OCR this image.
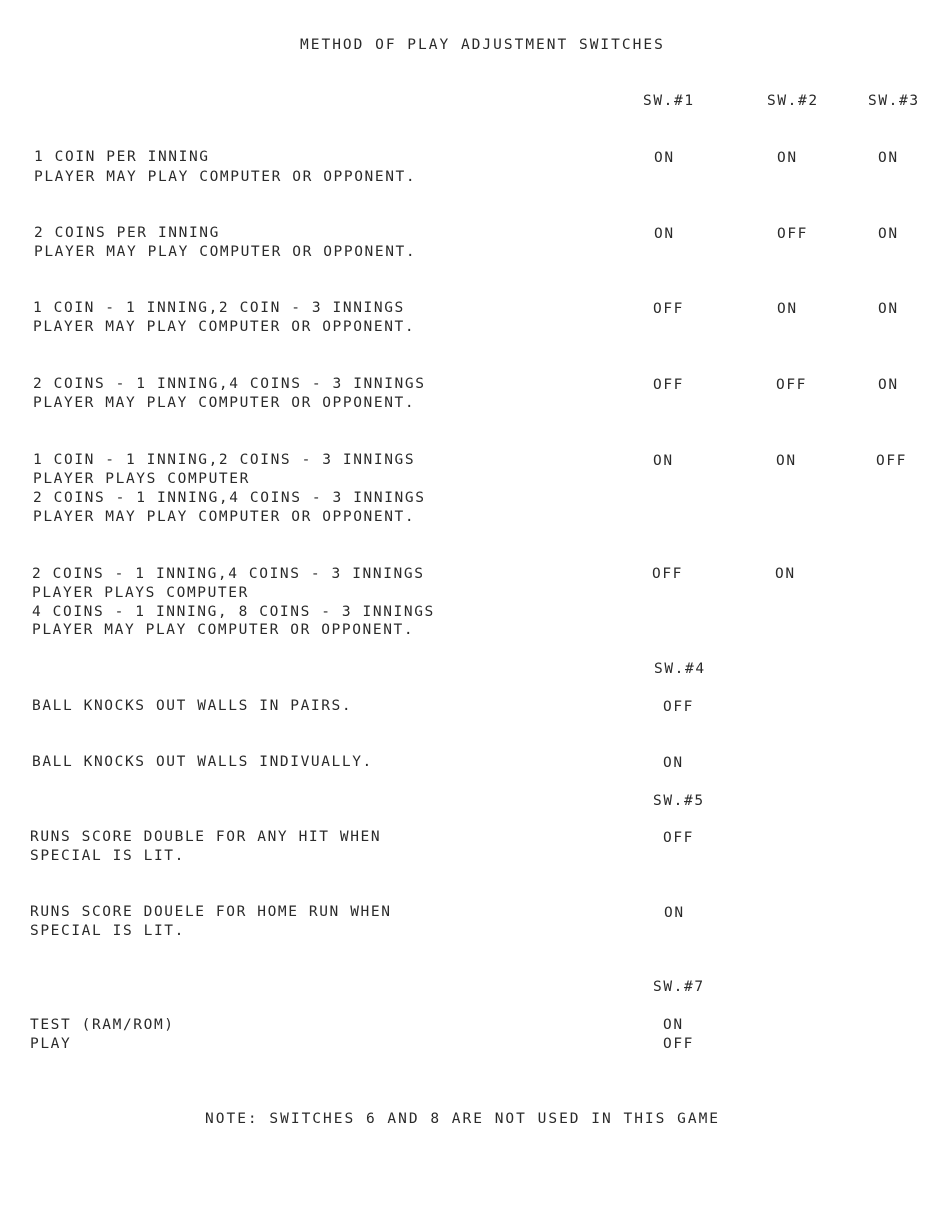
METHOD OF PLAY ADJUSTMENT SWITCHES
SW.#1	SW.#2	SW.#3
1 COIN PER INNING
PLAYER MAY PLAY COMPUTER OR OPPONENT.
ON	ON	ON
2 COINS PER INNING
PLAYER MAY PLAY COMPUTER OR OPPONENT.
ON	OFF	ON
1 COIN - 1 INNING,2 COIN - 3 INNINGS
PLAYER MAY PLAY COMPUTER OR OPPONENT.
OFF	ON	ON
2 COINS - 1 INNING,4 COINS - 3 INNINGS
PLAYER MAY PLAY COMPUTER OR OPPONENT.
OFF	OFF	ON
1 COIN - 1 INNING,2 COINS - 3 INNINGS
PLAYER PLAYS COMPUTER
2 COINS - 1 INNING,4 COINS - 3 INNINGS
PLAYER MAY PLAY COMPUTER OR OPPONENT.
ON	ON	OFF
2 COINS - 1 INNING,4 COINS - 3 INNINGS
PLAYER PLAYS COMPUTER
4 COINS - 1 INNING, 8 COINS - 3 INNINGS
PLAYER MAY PLAY COMPUTER OR OPPONENT.
OFF	ON
SW.#4
BALL KNOCKS OUT WALLS IN PAIRS.	OFF
BALL KNOCKS OUT WALLS INDIVUALLY.	ON
SW.#5
RUNS SCORE DOUBLE FOR ANY HIT WHEN
SPECIAL IS LIT.
OFF
RUNS SCORE DOUELE FOR HOME RUN WHEN
SPECIAL IS LIT.
ON
SW.#7
TEST (RAM/ROM)	ON
PLAY	OFF
NOTE: SWITCHES 6 AND 8 ARE NOT USED IN THIS GAME
